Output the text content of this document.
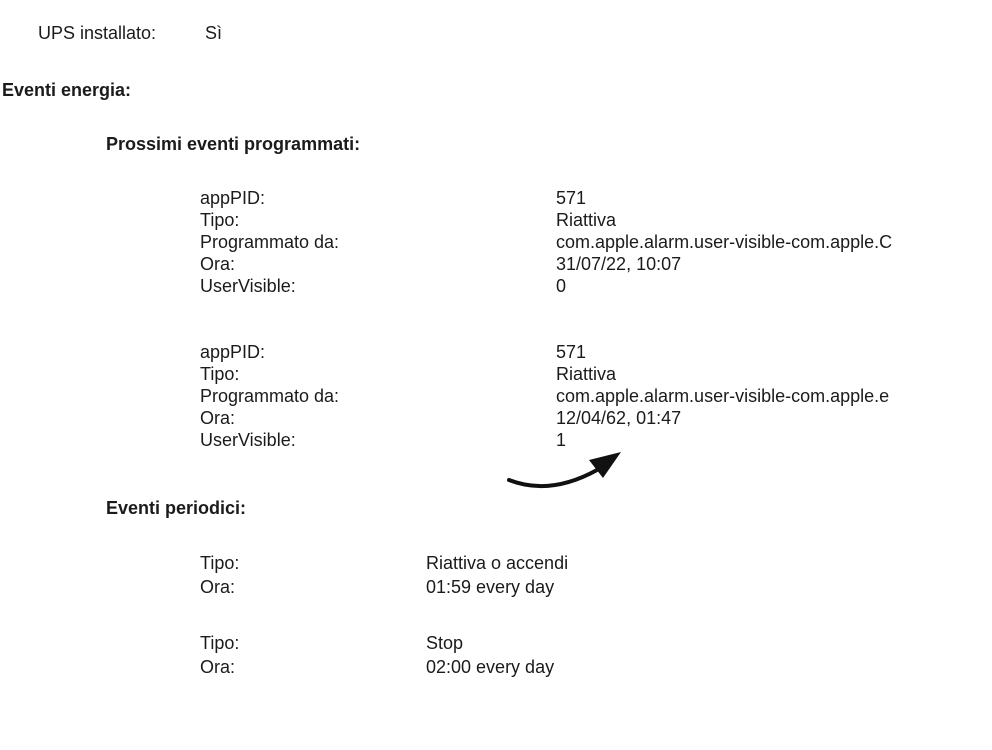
UPS installato:	Sì
Eventi energia:
Prossimi eventi programmati:
appPID:
Tipo:
Programmato da:
Ora:
UserVisible:
571
Riattiva
com.apple.alarm.user-visible-com.apple.C
31/07/22, 10:07
0
appPID:
Tipo:
Programmato da:
Ora:
UserVisible:
571
Riattiva
com.apple.alarm.user-visible-com.apple.e
12/04/62, 01:47
1
Eventi periodici:
Tipo:
Ora:
Riattiva o accendi
01:59 every day
Tipo:
Ora:
Stop
02:00 every day
